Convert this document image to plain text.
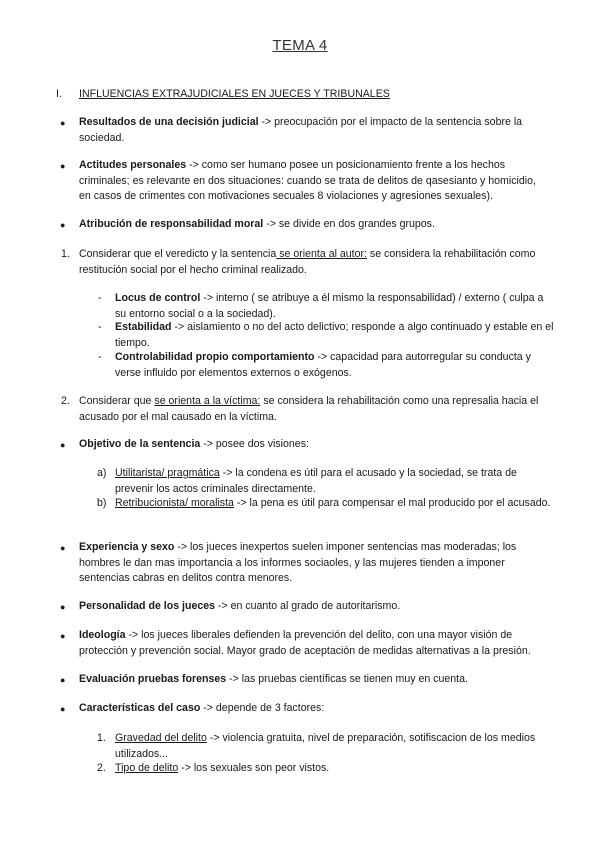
TEMA 4
I. INFLUENCIAS EXTRAJUDICIALES EN JUECES Y TRIBUNALES
● Resultados de una decisión judicial -> preocupación por el impacto de la sentencia sobre la sociedad.
● Actitudes personales -> como ser humano posee un posicionamiento frente a los hechos criminales; es relevante en dos situaciones: cuando se trata de delitos de qasesianto y homicidio, en casos de crimentes con motivaciones secuales 8 violaciones y agresiones sexuales).
● Atribución de responsabilidad moral -> se divide en dos grandes grupos.
1. Considerar que el veredicto y la sentencia se orienta al autor: se considera la rehabilitación como restitución social por el hecho criminal realizado.
- Locus de control -> interno ( se atribuye a él mismo la responsabilidad) / externo ( culpa a su entorno social o a la sociedad).
- Estabilidad -> aislamiento o no del acto delictivo; responde a algo continuado y estable en el tiempo.
- Controlabilidad propio comportamiento -> capacidad para autorregular su conducta y verse influido por elementos externos o exógenos.
2. Considerar que se orienta a la víctima: se considera la rehabilitación como una represalia hacia el acusado por el mal causado en la víctima.
● Objetivo de la sentencia -> posee dos visiones:
a) Utilitarista/ pragmática -> la condena es útil para el acusado y la sociedad, se trata de prevenir los actos criminales directamente.
b) Retribucionista/ moralista -> la pena es útil para compensar el mal producido por el acusado.
● Experiencia y sexo -> los jueces inexpertos suelen imponer sentencias mas moderadas; los hombres le dan mas importancia a los informes sociaoles, y las mujeres tienden a imponer sentencias cabras en delitos contra menores.
● Personalidad de los jueces -> en cuanto al grado de autoritarismo.
● Ideología -> los jueces liberales defienden la prevención del delito, con una mayor visión de protección y prevención social. Mayor grado de aceptación de medidas alternativas a la presión.
● Evaluación pruebas forenses -> las pruebas científicas se tienen muy en cuenta.
● Características del caso -> depende de 3 factores:
1. Gravedad del delito -> violencia gratuita, nivel de preparación, sotifiscacion de los medios utilizados...
2. Tipo de delito -> los sexuales son peor vistos.
